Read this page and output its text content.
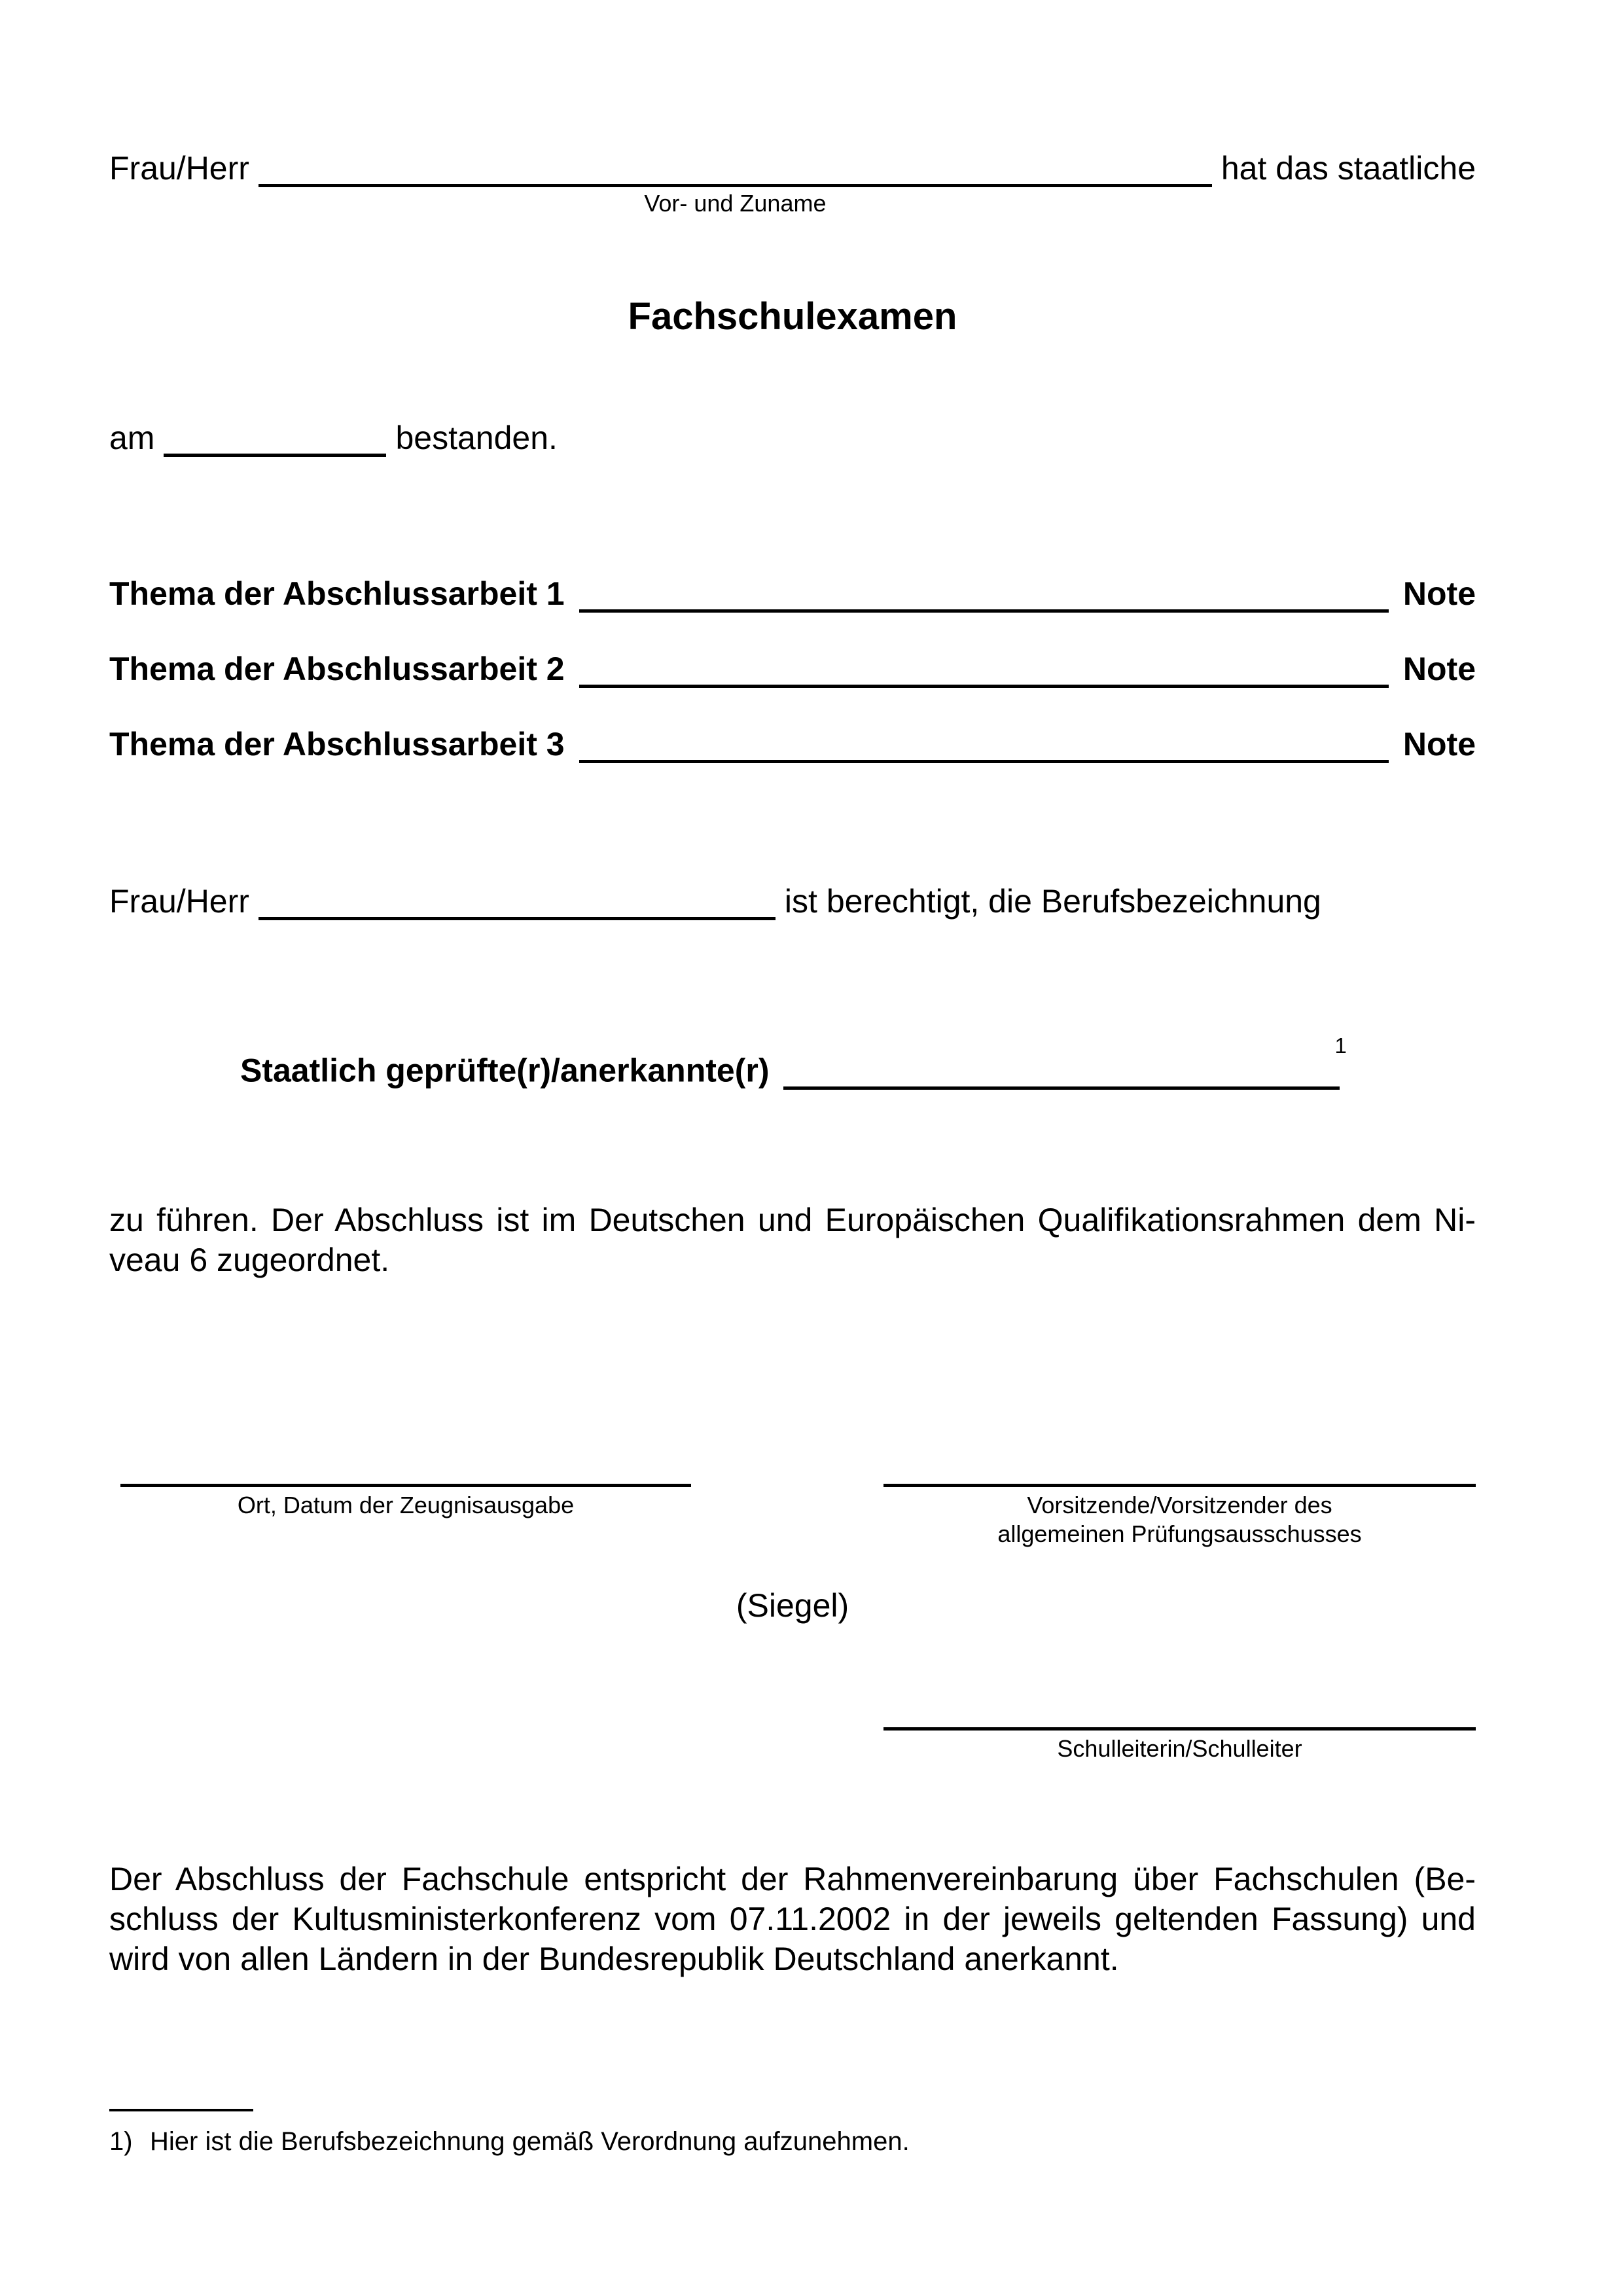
Frau/Herr
Vor- und Zuname
hat das staatliche
Fachschulexamen
am	bestanden.
Thema der Abschlussarbeit 1	Note
Thema der Abschlussarbeit 2	Note
Thema der Abschlussarbeit 3	Note
Frau/Herr	ist berechtigt, die Berufsbezeichnung
Staatlich $geprüfte(r)/anerkannte(r)^1$
zu führen. Der Abschluss ist im Deutschen und Europäischen Qualifikationsrahmen dem Ni-
veau 6 zugeordnet.
Ort, Datum der Zeugnisausgabe	Vorsitzende/Vorsitzender des
allgemeinen Prüfungsausschusses
(Siegel)
Schulleiterin/Schulleiter
Der Abschluss der Fachschule entspricht der Rahmenvereinbarung über Fachschulen (Be-
schluss der Kultusministerkonferenz vom 07.11.2002 in der jeweils geltenden Fassung) und
wird von allen Ländern in der Bundesrepublik Deutschland anerkannt.
1) Hier ist die Berufsbezeichnung gemäß Verordnung aufzunehmen.
